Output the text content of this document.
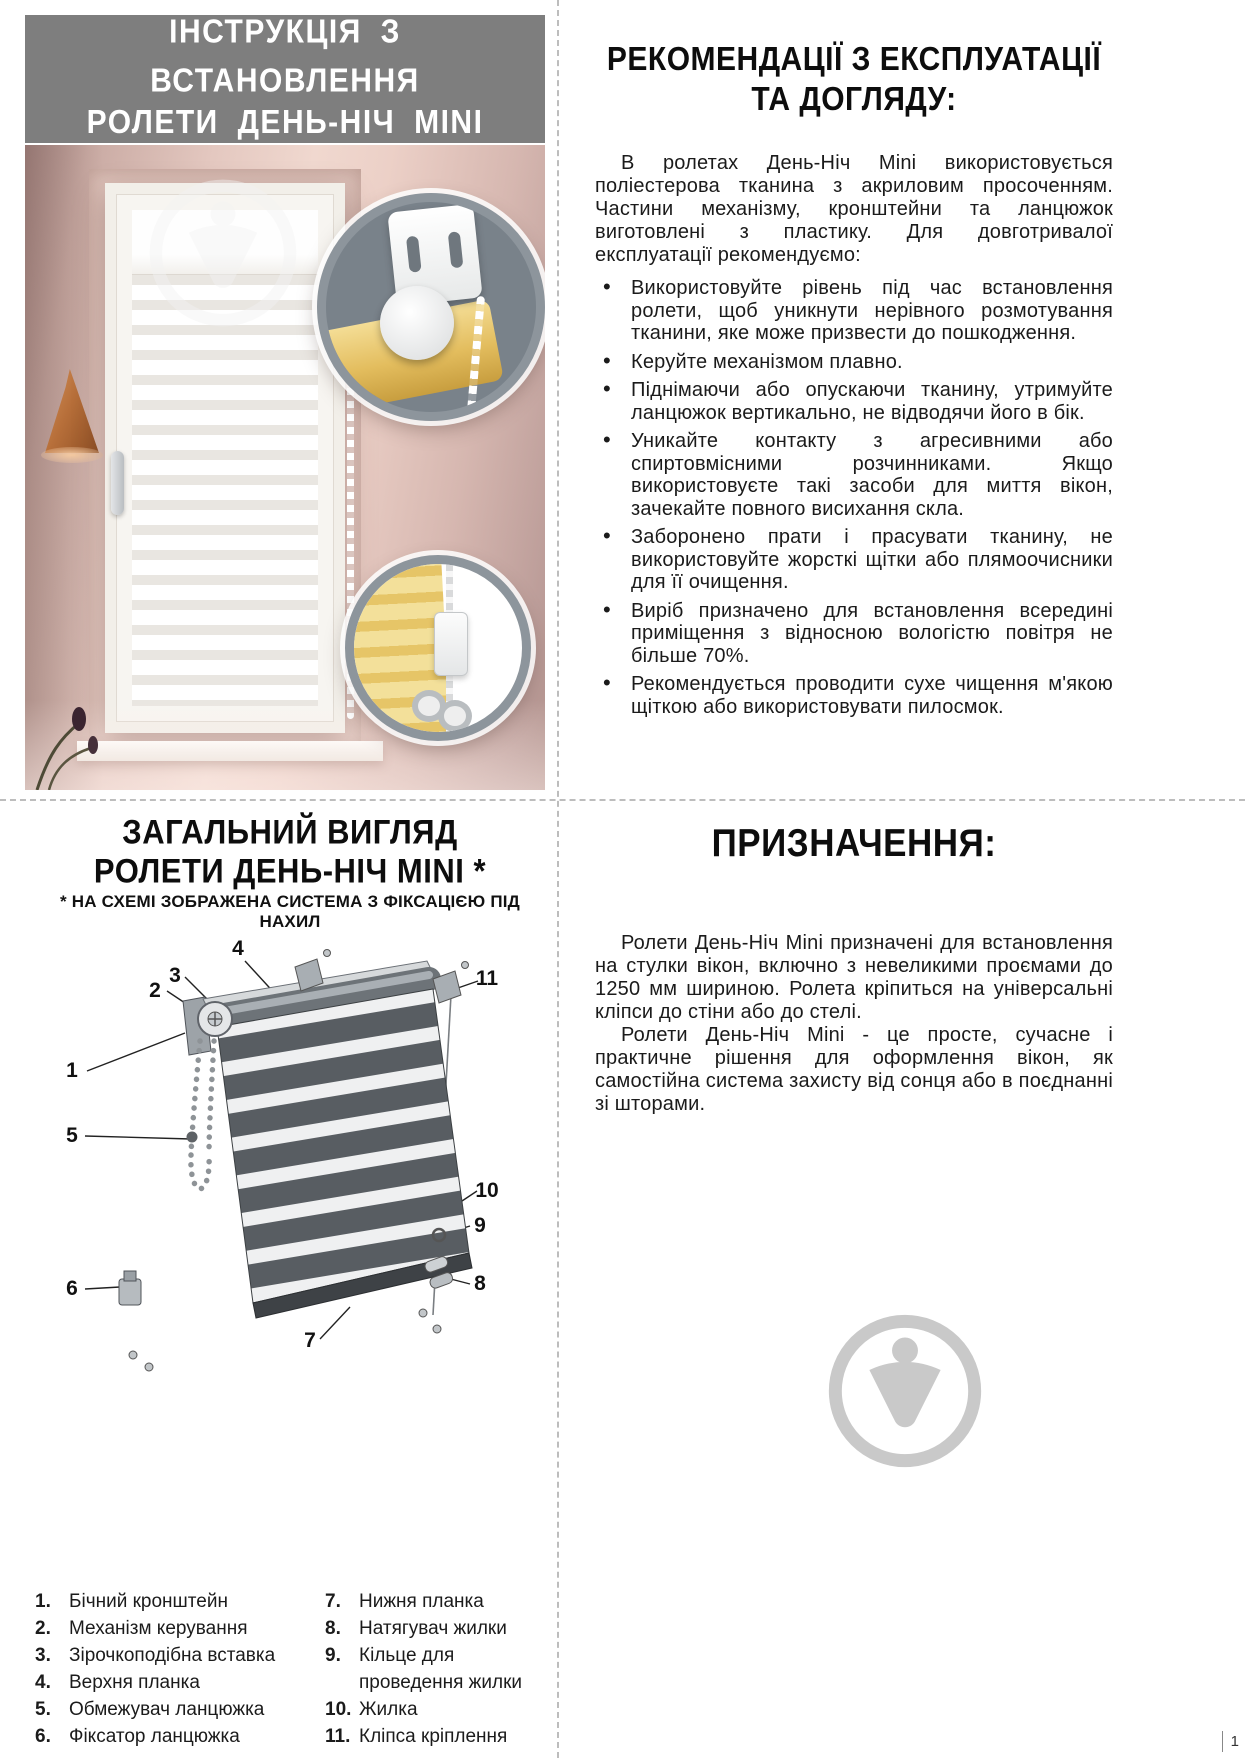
ІНСТРУКЦІЯ З ВСТАНОВЛЕННЯ
РОЛЕТИ ДЕНЬ-НІЧ MINI
РЕКОМЕНДАЦІЇ З ЕКСПЛУАТАЦІЇ
ТА ДОГЛЯДУ:

В ролетах День-Ніч Mini використовується поліестерова тканина з акриловим просоченням. Частини механізму, кронштейни та ланцюжок виготовлені з пластику. Для довготривалої експлуатації рекомендуємо:

• Використовуйте рівень під час встановлення ролети, щоб уникнути нерівного розмотування тканини, яке може призвести до пошкодження.
• Керуйте механізмом плавно.
• Піднімаючи або опускаючи тканину, утримуйте ланцюжок вертикально, не відводячи його в бік.
• Уникайте контакту з агресивними або спиртовмісними розчинниками. Якщо використовуєте такі засоби для миття вікон, зачекайте повного висихання скла.
• Заборонено прати і прасувати тканину, не використовуйте жорсткі щітки або плямоочисники для її очищення.
• Виріб призначено для встановлення всередині приміщення з відносною вологістю повітря не більше 70%.
• Рекомендується проводити сухе чищення м'якою щіткою або використовувати пилосмок.
ЗАГАЛЬНИЙ ВИГЛЯД
РОЛЕТИ ДЕНЬ-НІЧ MINI *
* НА СХЕМІ ЗОБРАЖЕНА СИСТЕМА З ФІКСАЦІЄЮ ПІД НАХИЛ
1
2
3
4
5
6
7
8
9
10
11
1. Бічний кронштейн
2. Механізм керування
3. Зірочкоподібна вставка
4. Верхня планка
5. Обмежувач ланцюжка
6. Фіксатор ланцюжка
7. Нижня планка
8. Натягувач жилки
9. Кільце для проведення жилки
10. Жилка
11. Кліпса кріплення
ПРИЗНАЧЕННЯ:

Ролети День-Ніч Mini призначені для встановлення на стулки вікон, включно з невеликими проємами до 1250 мм шириною. Ролета кріпиться на універсальні кліпси до стіни або до стелі.

Ролети День-Ніч Mini - це просте, сучасне і практичне рішення для оформлення вікон, як самостійна система захисту від сонця або в поєднанні зі шторами.

1
